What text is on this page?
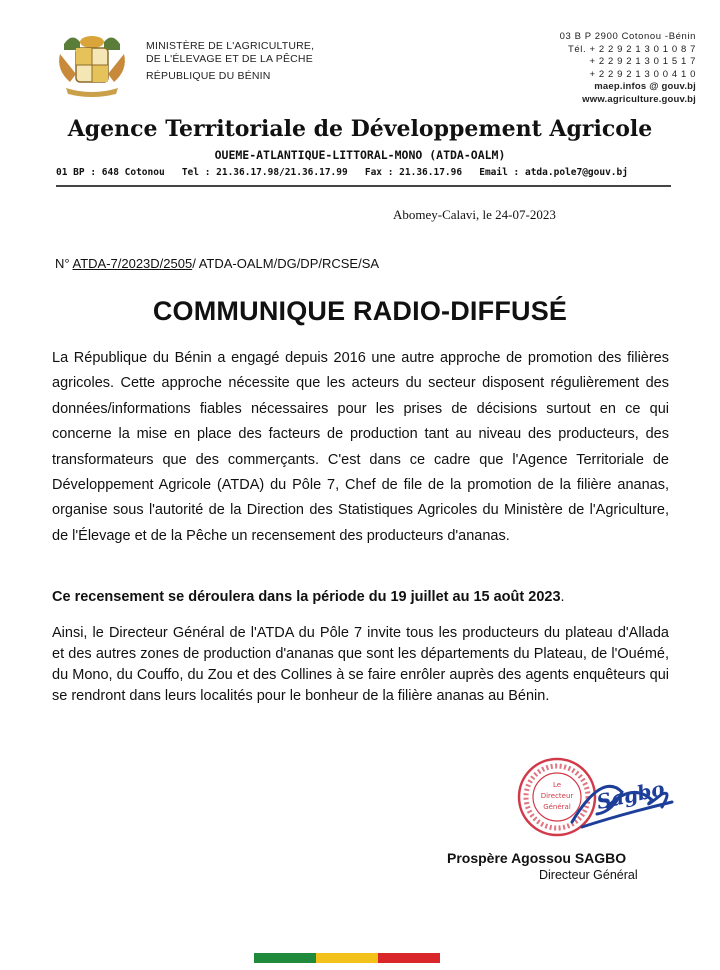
MINISTÈRE DE L'AGRICULTURE,
DE L'ÉLEVAGE ET DE LA PÊCHE
RÉPUBLIQUE DU BÉNIN
03 B P 2900 Cotonou -Bénin
Tél. + 2 2 9 2 1 3 0 1 0 8 7
+ 2 2 9 2 1 3 0 1 5 1 7
+ 2 2 9 2 1 3 0 0 4 1 0
maep.infos @ gouv.bj
www.agriculture.gouv.bj
Agence Territoriale de Développement Agricole
OUEME-ATLANTIQUE-LITTORAL-MONO (ATDA-OALM)
01 BP : 648 Cotonou   Tel : 21.36.17.98/21.36.17.99   Fax : 21.36.17.96   Email : atda.pole7@gouv.bj
Abomey-Calavi, le 24-07-2023
N° ATDA-7/2023D/2505/ ATDA-OALM/DG/DP/RCSE/SA
COMMUNIQUE RADIO-DIFFUSÉ
La République du Bénin a engagé depuis 2016 une autre approche de promotion des filières agricoles. Cette approche nécessite que les acteurs du secteur disposent régulièrement des données/informations fiables nécessaires pour les prises de décisions surtout en ce qui concerne la mise en place des facteurs de production tant au niveau des producteurs, des transformateurs que des commerçants. C'est dans ce cadre que l'Agence Territoriale de Développement Agricole (ATDA) du Pôle 7, Chef de file de la promotion de la filière ananas, organise sous l'autorité de la Direction des Statistiques Agricoles du Ministère de l'Agriculture, de l'Élevage et de la Pêche un recensement des producteurs d'ananas.
Ce recensement se déroulera dans la période du 19 juillet au 15 août 2023.
Ainsi, le Directeur Général de l'ATDA du Pôle 7 invite tous les producteurs du plateau d'Allada et des autres zones de production d'ananas que sont les départements du Plateau, de l'Ouémé, du Mono, du Couffo, du Zou et des Collines à se faire enrôler auprès des agents enquêteurs qui se rendront dans leurs localités pour le bonheur de la filière ananas au Bénin.
Le
Directeur
Général Sagbo
Prospère Agossou SAGBO
Directeur Général
